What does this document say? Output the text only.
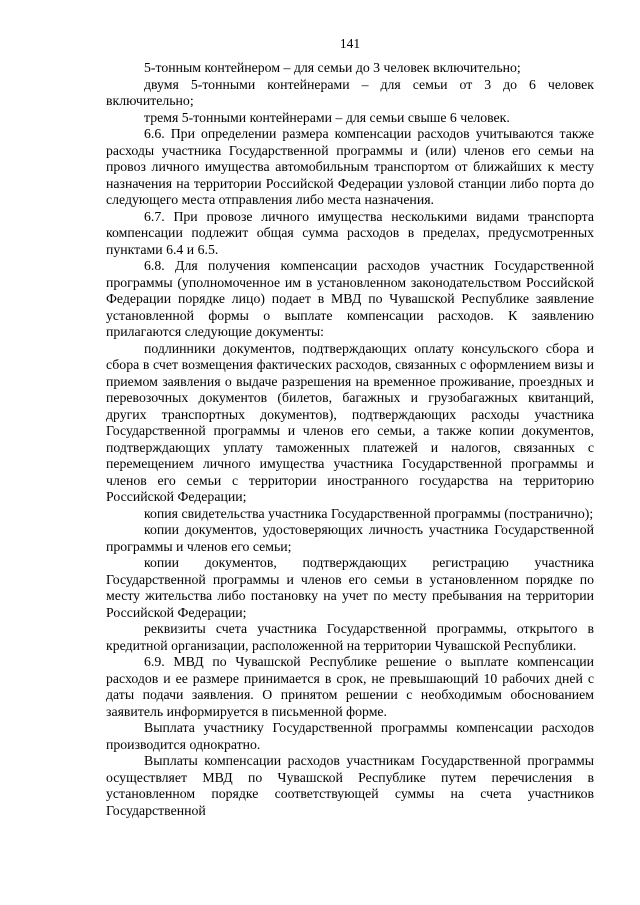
141

5-тонным контейнером – для семьи до 3 человек включительно;

двумя 5-тонными контейнерами – для семьи от 3 до 6 человек включительно;

тремя 5-тонными контейнерами – для семьи свыше 6 человек.

6.6. При определении размера компенсации расходов учитываются также расходы участника Государственной программы и (или) членов его семьи на провоз личного имущества автомобильным транспортом от ближайших к месту назначения на территории Российской Федерации узловой станции либо порта до следующего места отправления либо места назначения.

6.7. При провозе личного имущества несколькими видами транспорта компенсации подлежит общая сумма расходов в пределах, предусмотренных пунктами 6.4 и 6.5.

6.8. Для получения компенсации расходов участник Государственной программы (уполномоченное им в установленном законодательством Российской Федерации порядке лицо) подает в МВД по Чувашской Республике заявление установленной формы о выплате компенсации расходов. К заявлению прилагаются следующие документы:

подлинники документов, подтверждающих оплату консульского сбора и сбора в счет возмещения фактических расходов, связанных с оформлением визы и приемом заявления о выдаче разрешения на временное проживание, проездных и перевозочных документов (билетов, багажных и грузобагажных квитанций, других транспортных документов), подтверждающих расходы участника Государственной программы и членов его семьи, а также копии документов, подтверждающих уплату таможенных платежей и налогов, связанных с перемещением личного имущества участника Государственной программы и членов его семьи с территории иностранного государства на территорию Российской Федерации;

копия свидетельства участника Государственной программы (постранично);

копии документов, удостоверяющих личность участника Государственной программы и членов его семьи;

копии документов, подтверждающих регистрацию участника Государственной программы и членов его семьи в установленном порядке по месту жительства либо постановку на учет по месту пребывания на территории Российской Федерации;

реквизиты счета участника Государственной программы, открытого в кредитной организации, расположенной на территории Чувашской Республики.

6.9. МВД по Чувашской Республике решение о выплате компенсации расходов и ее размере принимается в срок, не превышающий 10 рабочих дней с даты подачи заявления. О принятом решении с необходимым обоснованием заявитель информируется в письменной форме.

Выплата участнику Государственной программы компенсации расходов производится однократно.

Выплаты компенсации расходов участникам Государственной программы осуществляет МВД по Чувашской Республике путем перечисления в установленном порядке соответствующей суммы на счета участников Государственной
